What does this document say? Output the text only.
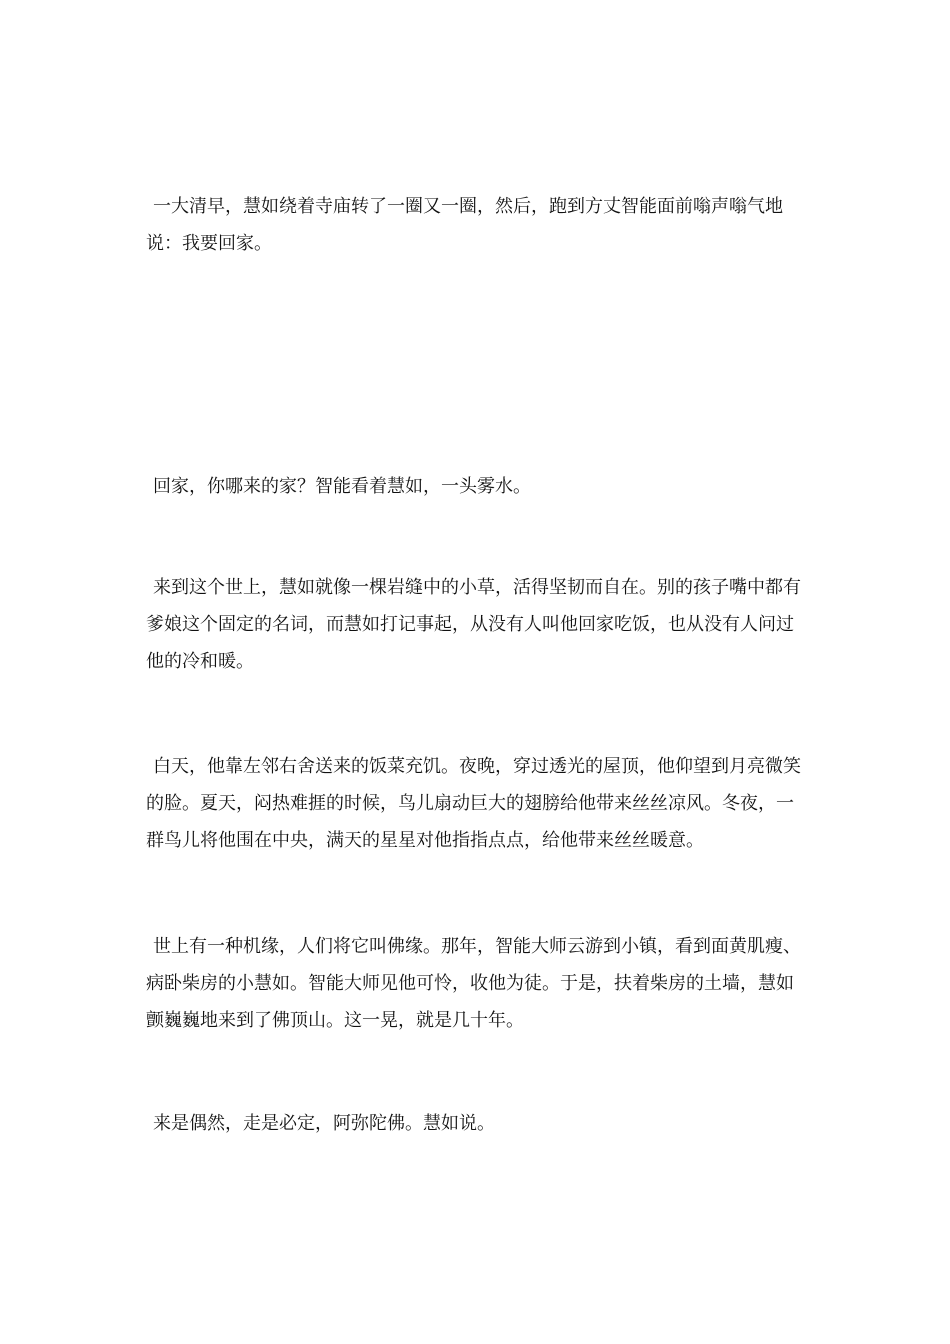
一大清早，慧如绕着寺庙转了一圈又一圈，然后，跑到方丈智能面前嗡声嗡气地说：我要回家。

回家，你哪来的家？智能看着慧如，一头雾水。

来到这个世上，慧如就像一棵岩缝中的小草，活得坚韧而自在。别的孩子嘴中都有爹娘这个固定的名词，而慧如打记事起，从没有人叫他回家吃饭，也从没有人问过他的冷和暖。

白天，他靠左邻右舍送来的饭菜充饥。夜晚，穿过透光的屋顶，他仰望到月亮微笑的脸。夏天，闷热难捱的时候，鸟儿扇动巨大的翅膀给他带来丝丝凉风。冬夜，一群鸟儿将他围在中央，满天的星星对他指指点点，给他带来丝丝暖意。

世上有一种机缘，人们将它叫佛缘。那年，智能大师云游到小镇，看到面黄肌瘦、病卧柴房的小慧如。智能大师见他可怜，收他为徒。于是，扶着柴房的土墙，慧如颤巍巍地来到了佛顶山。这一晃，就是几十年。

来是偶然，走是必定，阿弥陀佛。慧如说。
